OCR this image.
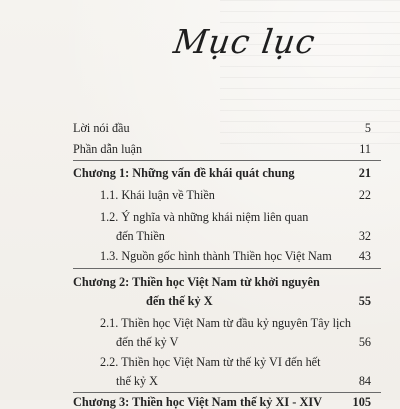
Mục lục
Lời nói đầu	5
Phần dẫn luận	11
Chương 1: Những vấn đề khái quát chung	21
1.1. Khái luận về Thiền	22
1.2. Ý nghĩa và những khái niệm liên quan
đến Thiền	32
1.3. Nguồn gốc hình thành Thiền học Việt Nam 43
Chương 2: Thiền học Việt Nam từ khởi nguyên
đến thế kỷ X	55
2.1. Thiền học Việt Nam từ đầu kỷ nguyên Tây lịch
đến thế kỷ V	56
2.2. Thiền học Việt Nam từ thế kỷ VI đến hết
thế kỷ X	84
Chương 3: Thiền học Việt Nam thế kỷ XI - XIV 105
